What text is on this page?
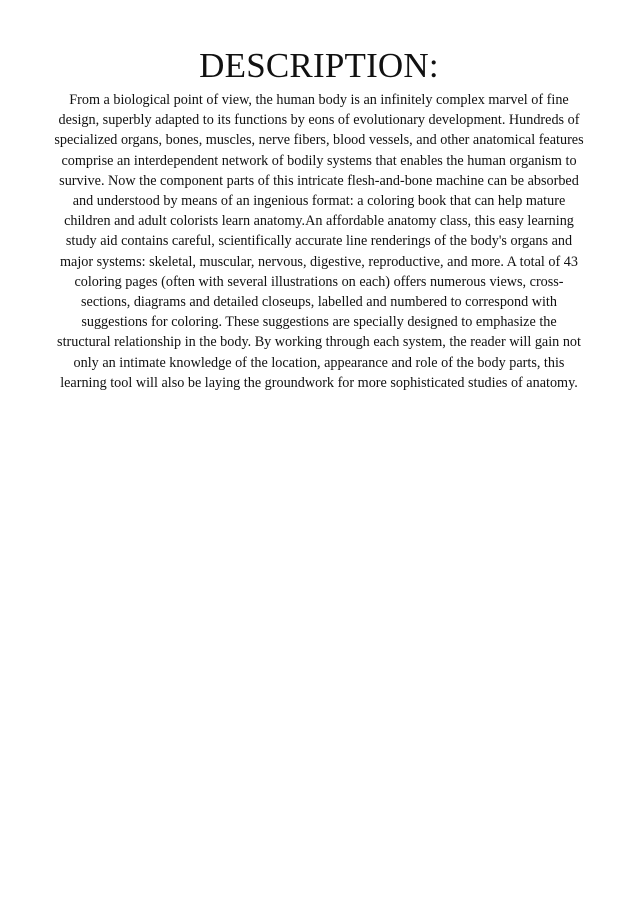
DESCRIPTION:
From a biological point of view, the human body is an infinitely complex marvel of fine
design, superbly adapted to its functions by eons of evolutionary development. Hundreds of
specialized organs, bones, muscles, nerve fibers, blood vessels, and other anatomical features
comprise an interdependent network of bodily systems that enables the human organism to
survive. Now the component parts of this intricate flesh-and-bone machine can be absorbed
and understood by means of an ingenious format: a coloring book that can help mature
children and adult colorists learn anatomy.An affordable anatomy class, this easy learning
study aid contains careful, scientifically accurate line renderings of the body's organs and
major systems: skeletal, muscular, nervous, digestive, reproductive, and more. A total of 43
coloring pages (often with several illustrations on each) offers numerous views, cross-
sections, diagrams and detailed closeups, labelled and numbered to correspond with
suggestions for coloring. These suggestions are specially designed to emphasize the
structural relationship in the body. By working through each system, the reader will gain not
only an intimate knowledge of the location, appearance and role of the body parts, this
learning tool will also be laying the groundwork for more sophisticated studies of anatomy.
